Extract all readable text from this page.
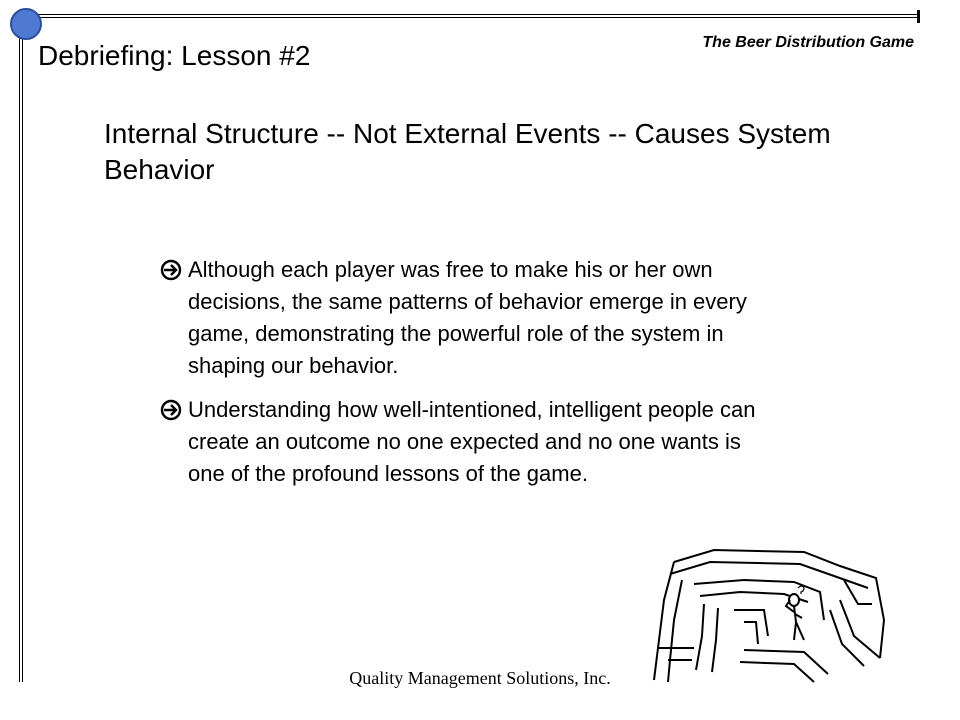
Debriefing: Lesson #2	The Beer Distribution Game
Internal Structure -- Not External Events -- Causes System Behavior
Although each player was free to make his or her own decisions, the same patterns of behavior emerge in every game, demonstrating the powerful role of the system in shaping our behavior.
Understanding how well-intentioned, intelligent people can create an outcome no one expected and no one wants is one of the profound lessons of the game.
Quality Management Solutions, Inc.
